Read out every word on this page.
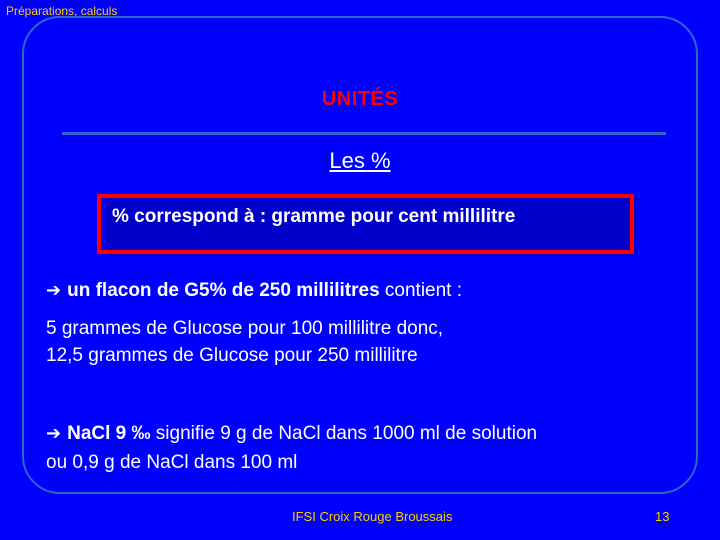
Préparations, calculs
UNITÉS
Les %
% correspond à : gramme pour cent millilitre
➔ un flacon de G5% de 250 millilitres contient :
5 grammes de Glucose pour 100 millilitre donc,
12,5 grammes de Glucose pour 250 millilitre
➔ NaCl 9 ‰ signifie 9 g de NaCl dans 1000 ml de solution
ou 0,9 g de NaCl dans 100 ml
IFSI Croix Rouge Broussais	13
